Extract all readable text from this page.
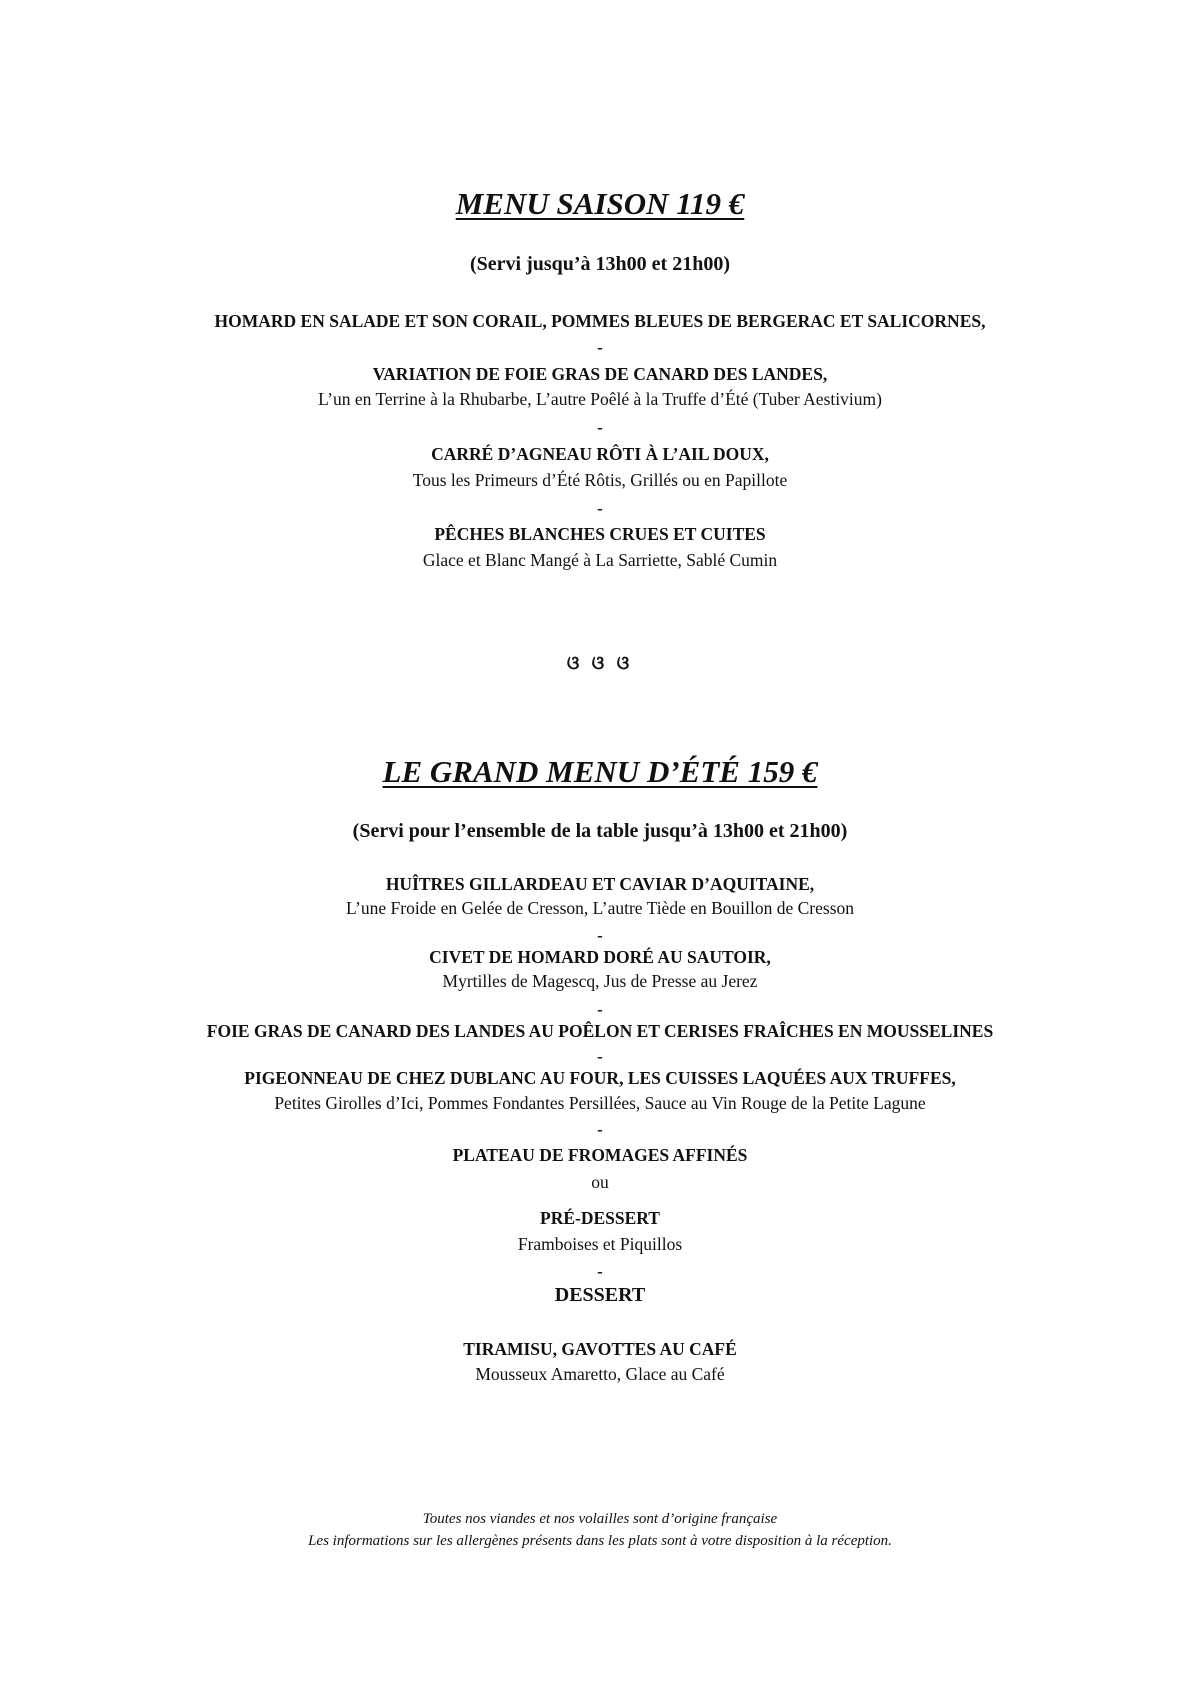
MENU SAISON 119 €
(Servi jusqu’à 13h00 et 21h00)
HOMARD EN SALADE ET SON CORAIL, POMMES BLEUES DE BERGERAC ET SALICORNES,
-
VARIATION DE FOIE GRAS DE CANARD DES LANDES,
L’un en Terrine à la Rhubarbe, L’autre Poêlé à la Truffe d’Été (Tuber Aestivium)
-
CARRÉ D’AGNEAU RÔTI À L’AIL DOUX,
Tous les Primeurs d’Été Rôtis, Grillés ou en Papillote
-
PÊCHES BLANCHES CRUES ET CUITES
Glace et Blanc Mangé à La Sarriette, Sablé Cumin
ଓ ଓ ଓ
LE GRAND MENU D’ÉTÉ 159 €
(Servi pour l’ensemble de la table jusqu’à 13h00 et 21h00)
HUÎTRES GILLARDEAU ET CAVIAR D’AQUITAINE,
L’une Froide en Gelée de Cresson, L’autre Tiède en Bouillon de Cresson
-
CIVET DE HOMARD DORÉ AU SAUTOIR,
Myrtilles de Magescq, Jus de Presse au Jerez
-
FOIE GRAS DE CANARD DES LANDES AU POÊLON ET CERISES FRAÎCHES EN MOUSSELINES
-
PIGEONNEAU DE CHEZ DUBLANC AU FOUR, LES CUISSES LAQUÉES AUX TRUFFES,
Petites Girolles d’Ici, Pommes Fondantes Persillées, Sauce au Vin Rouge de la Petite Lagune
-
PLATEAU DE FROMAGES AFFINÉS
ou
PRÉ-DESSERT
Framboises et Piquillos
-
DESSERT
TIRAMISU, GAVOTTES AU CAFÉ
Mousseux Amaretto, Glace au Café
Toutes nos viandes et nos volailles sont d’origine française
Les informations sur les allergènes présents dans les plats sont à votre disposition à la réception.
